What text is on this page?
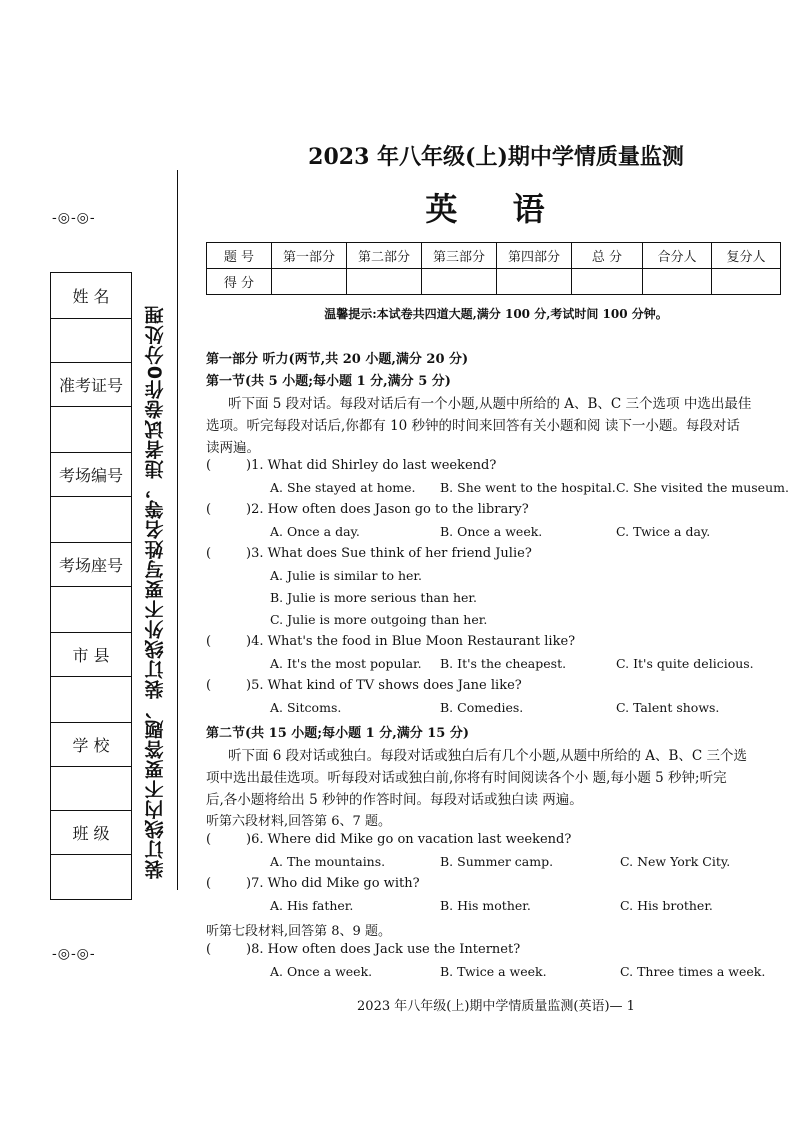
-◎-◎-
姓 名
准考证号
考场编号
考场座号
市 县
学 校
班 级	装订线内不要答题、装订线外不要写姓名等，违者试卷作0分处理
-◎-◎-
2023 年八年级(上)期中学情质量监测
英 语
题 号	第一部分	第二部分	第三部分	第四部分	总 分	合分人	复分人
得 分							
温馨提示:本试卷共四道大题,满分 100 分,考试时间 100 分钟。
第一部分 听力(两节,共 20 小题,满分 20 分)
第一节(共 5 小题;每小题 1 分,满分 5 分)
听下面 5 段对话。每段对话后有一个小题,从题中所给的 A、B、C 三个选项 中选出最佳
选项。听完每段对话后,你都有 10 秒钟的时间来回答有关小题和阅 读下一小题。每段对话
读两遍。
(	)1. What did Shirley do last weekend?
A. She stayed at home. B. She went to the hospital. C. She visited the museum.
(	)2. How often does Jason go to the library?
A. Once a day.	B. Once a week.	C. Twice a day.
(	)3. What does Sue think of her friend Julie?
A. Julie is similar to her.
B. Julie is more serious than her.
C. Julie is more outgoing than her.
(	)4. What's the food in Blue Moon Restaurant like?
A. It's the most popular. B. It's the cheapest.	C. It's quite delicious.
(	)5. What kind of TV shows does Jane like?
A. Sitcoms.	B. Comedies.	C. Talent shows.
第二节(共 15 小题;每小题 1 分,满分 15 分)
听下面 6 段对话或独白。每段对话或独白后有几个小题,从题中所给的 A、B、C 三个选
项中选出最佳选项。听每段对话或独白前,你将有时间阅读各个小 题,每小题 5 秒钟;听完
后,各小题将给出 5 秒钟的作答时间。每段对话或独白读 两遍。
听第六段材料,回答第 6、7 题。
(	)6. Where did Mike go on vacation last weekend?
A. The mountains.	B. Summer camp.	C. New York City.
(	)7. Who did Mike go with?
A. His father.	B. His mother.	C. His brother.
听第七段材料,回答第 8、9 题。
(	)8. How often does Jack use the Internet?
A. Once a week.	B. Twice a week.	C. Three times a week.
2023 年八年级(上)期中学情质量监测(英语)— 1
